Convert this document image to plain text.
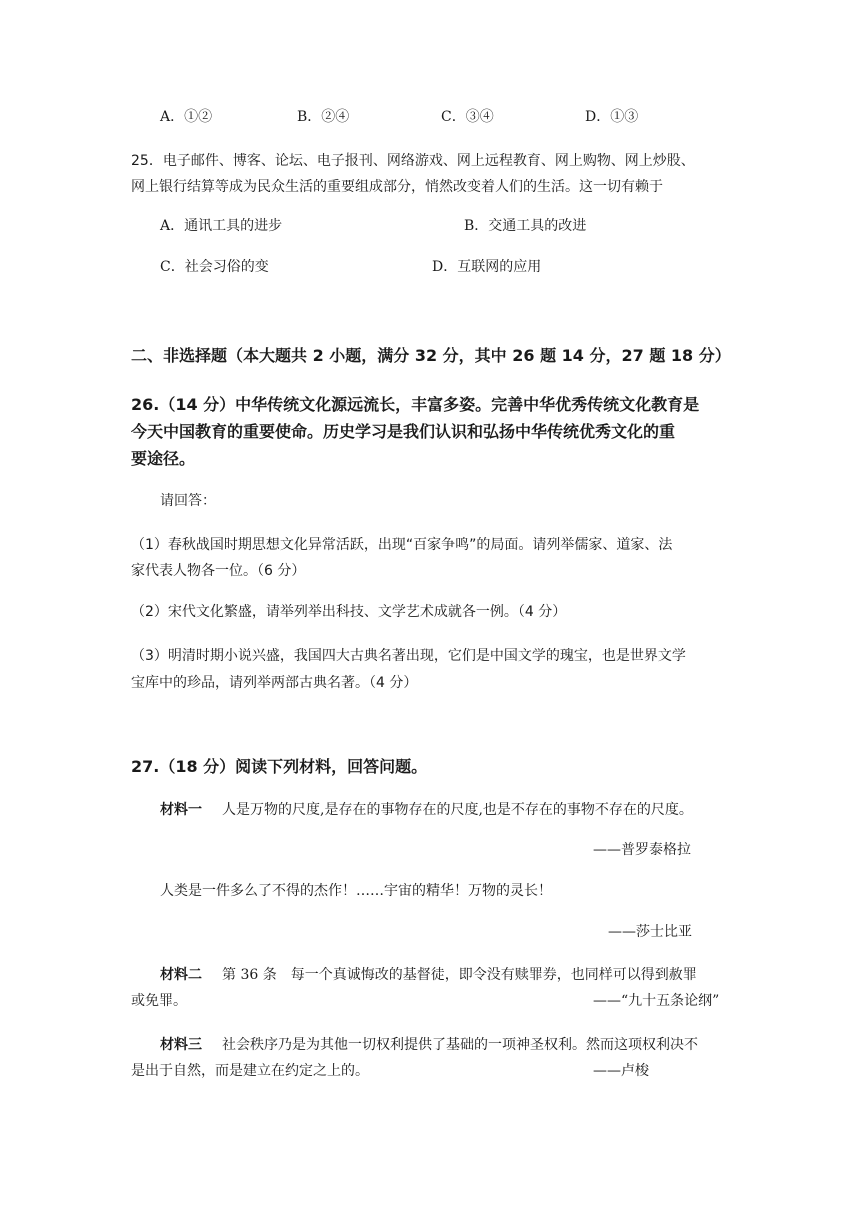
A．①②	B．②④	C．③④	D．①③
25．电子邮件、博客、论坛、电子报刊、网络游戏、网上远程教育、网上购物、网上炒股、
网上银行结算等成为民众生活的重要组成部分，悄然改变着人们的生活。这一切有赖于
A．通讯工具的进步	B．交通工具的改进
C．社会习俗的变	D．互联网的应用
二、非选择题（本大题共 2 小题，满分 32 分，其中 26 题 14 分，27 题 18 分）
26.（14 分）中华传统文化源远流长，丰富多姿。完善中华优秀传统文化教育是
今天中国教育的重要使命。历史学习是我们认识和弘扬中华传统优秀文化的重
要途径。
请回答：
（1）春秋战国时期思想文化异常活跃，出现“百家争鸣”的局面。请列举儒家、道家、法
家代表人物各一位。（6 分）
（2）宋代文化繁盛，请举列举出科技、文学艺术成就各一例。（4 分）
（3）明清时期小说兴盛，我国四大古典名著出现，它们是中国文学的瑰宝，也是世界文学
宝库中的珍品，请列举两部古典名著。（4 分）
27.（18 分）阅读下列材料，回答问题。
材料一 人是万物的尺度,是存在的事物存在的尺度,也是不存在的事物不存在的尺度。
——普罗泰格拉
人类是一件多么了不得的杰作！……宇宙的精华！万物的灵长！
——莎士比亚
材料二 第 36 条　每一个真诚悔改的基督徒，即令没有赎罪券，也同样可以得到赦罪
或免罪。	——“九十五条论纲”
材料三 社会秩序乃是为其他一切权利提供了基础的一项神圣权利。然而这项权利决不
是出于自然，而是建立在约定之上的。	——卢梭
